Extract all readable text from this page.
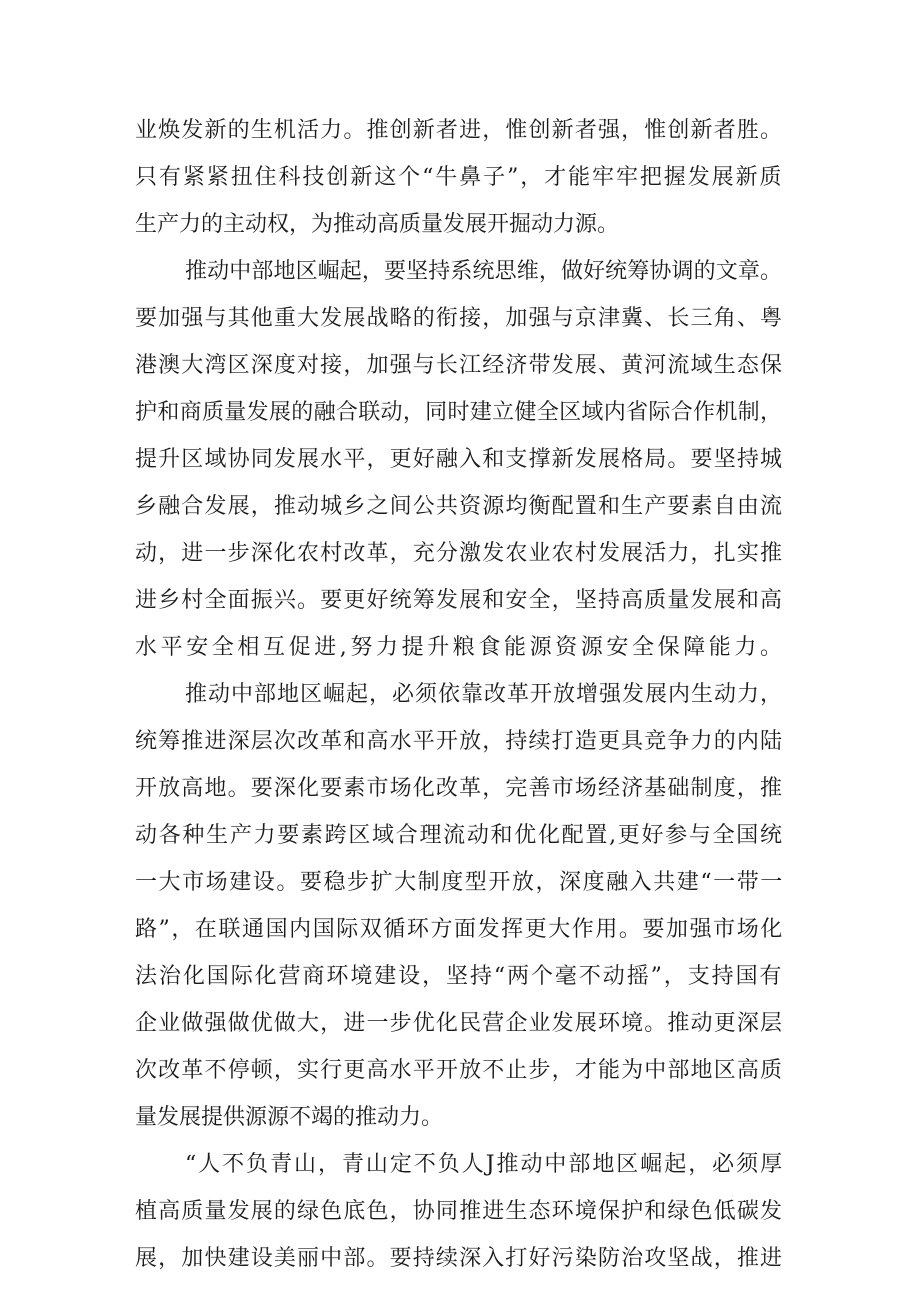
业焕发新的生机活力。推创新者进，惟创新者强，惟创新者胜。
只有紧紧扭住科技创新这个“牛鼻子”，才能牢牢把握发展新质
生产力的主动权，为推动高质量发展开掘动力源。
推动中部地区崛起，要坚持系统思维，做好统筹协调的文章。
要加强与其他重大发展战略的衔接，加强与京津冀、长三角、粤
港澳大湾区深度对接，加强与长江经济带发展、黄河流域生态保
护和商质量发展的融合联动，同时建立健全区域内省际合作机制，
提升区域协同发展水平，更好融入和支撑新发展格局。要坚持城
乡融合发展，推动城乡之间公共资源均衡配置和生产要素自由流
动，进一步深化农村改革，充分激发农业农村发展活力，扎实推
进乡村全面振兴。要更好统筹发展和安全，坚持高质量发展和高
水平安全相互促进,努力提升粮食能源资源安全保障能力。
推动中部地区崛起，必须依靠改革开放增强发展内生动力，
统筹推进深层次改革和高水平开放，持续打造更具竞争力的内陆
开放高地。要深化要素市场化改革，完善市场经济基础制度，推
动各种生产力要素跨区域合理流动和优化配置,更好参与全国统
一大市场建设。要稳步扩大制度型开放，深度融入共建“一带一
路”，在联通国内国际双循环方面发挥更大作用。要加强市场化
法治化国际化营商环境建设，坚持“两个毫不动摇”，支持国有
企业做强做优做大，进一步优化民营企业发展环境。推动更深层
次改革不停顿，实行更高水平开放不止步，才能为中部地区高质
量发展提供源源不竭的推动力。
“人不负青山，青山定不负人J推动中部地区崛起，必须厚
植高质量发展的绿色底色，协同推进生态环境保护和绿色低碳发
展，加快建设美丽中部。要持续深入打好污染防治攻坚战，推进
